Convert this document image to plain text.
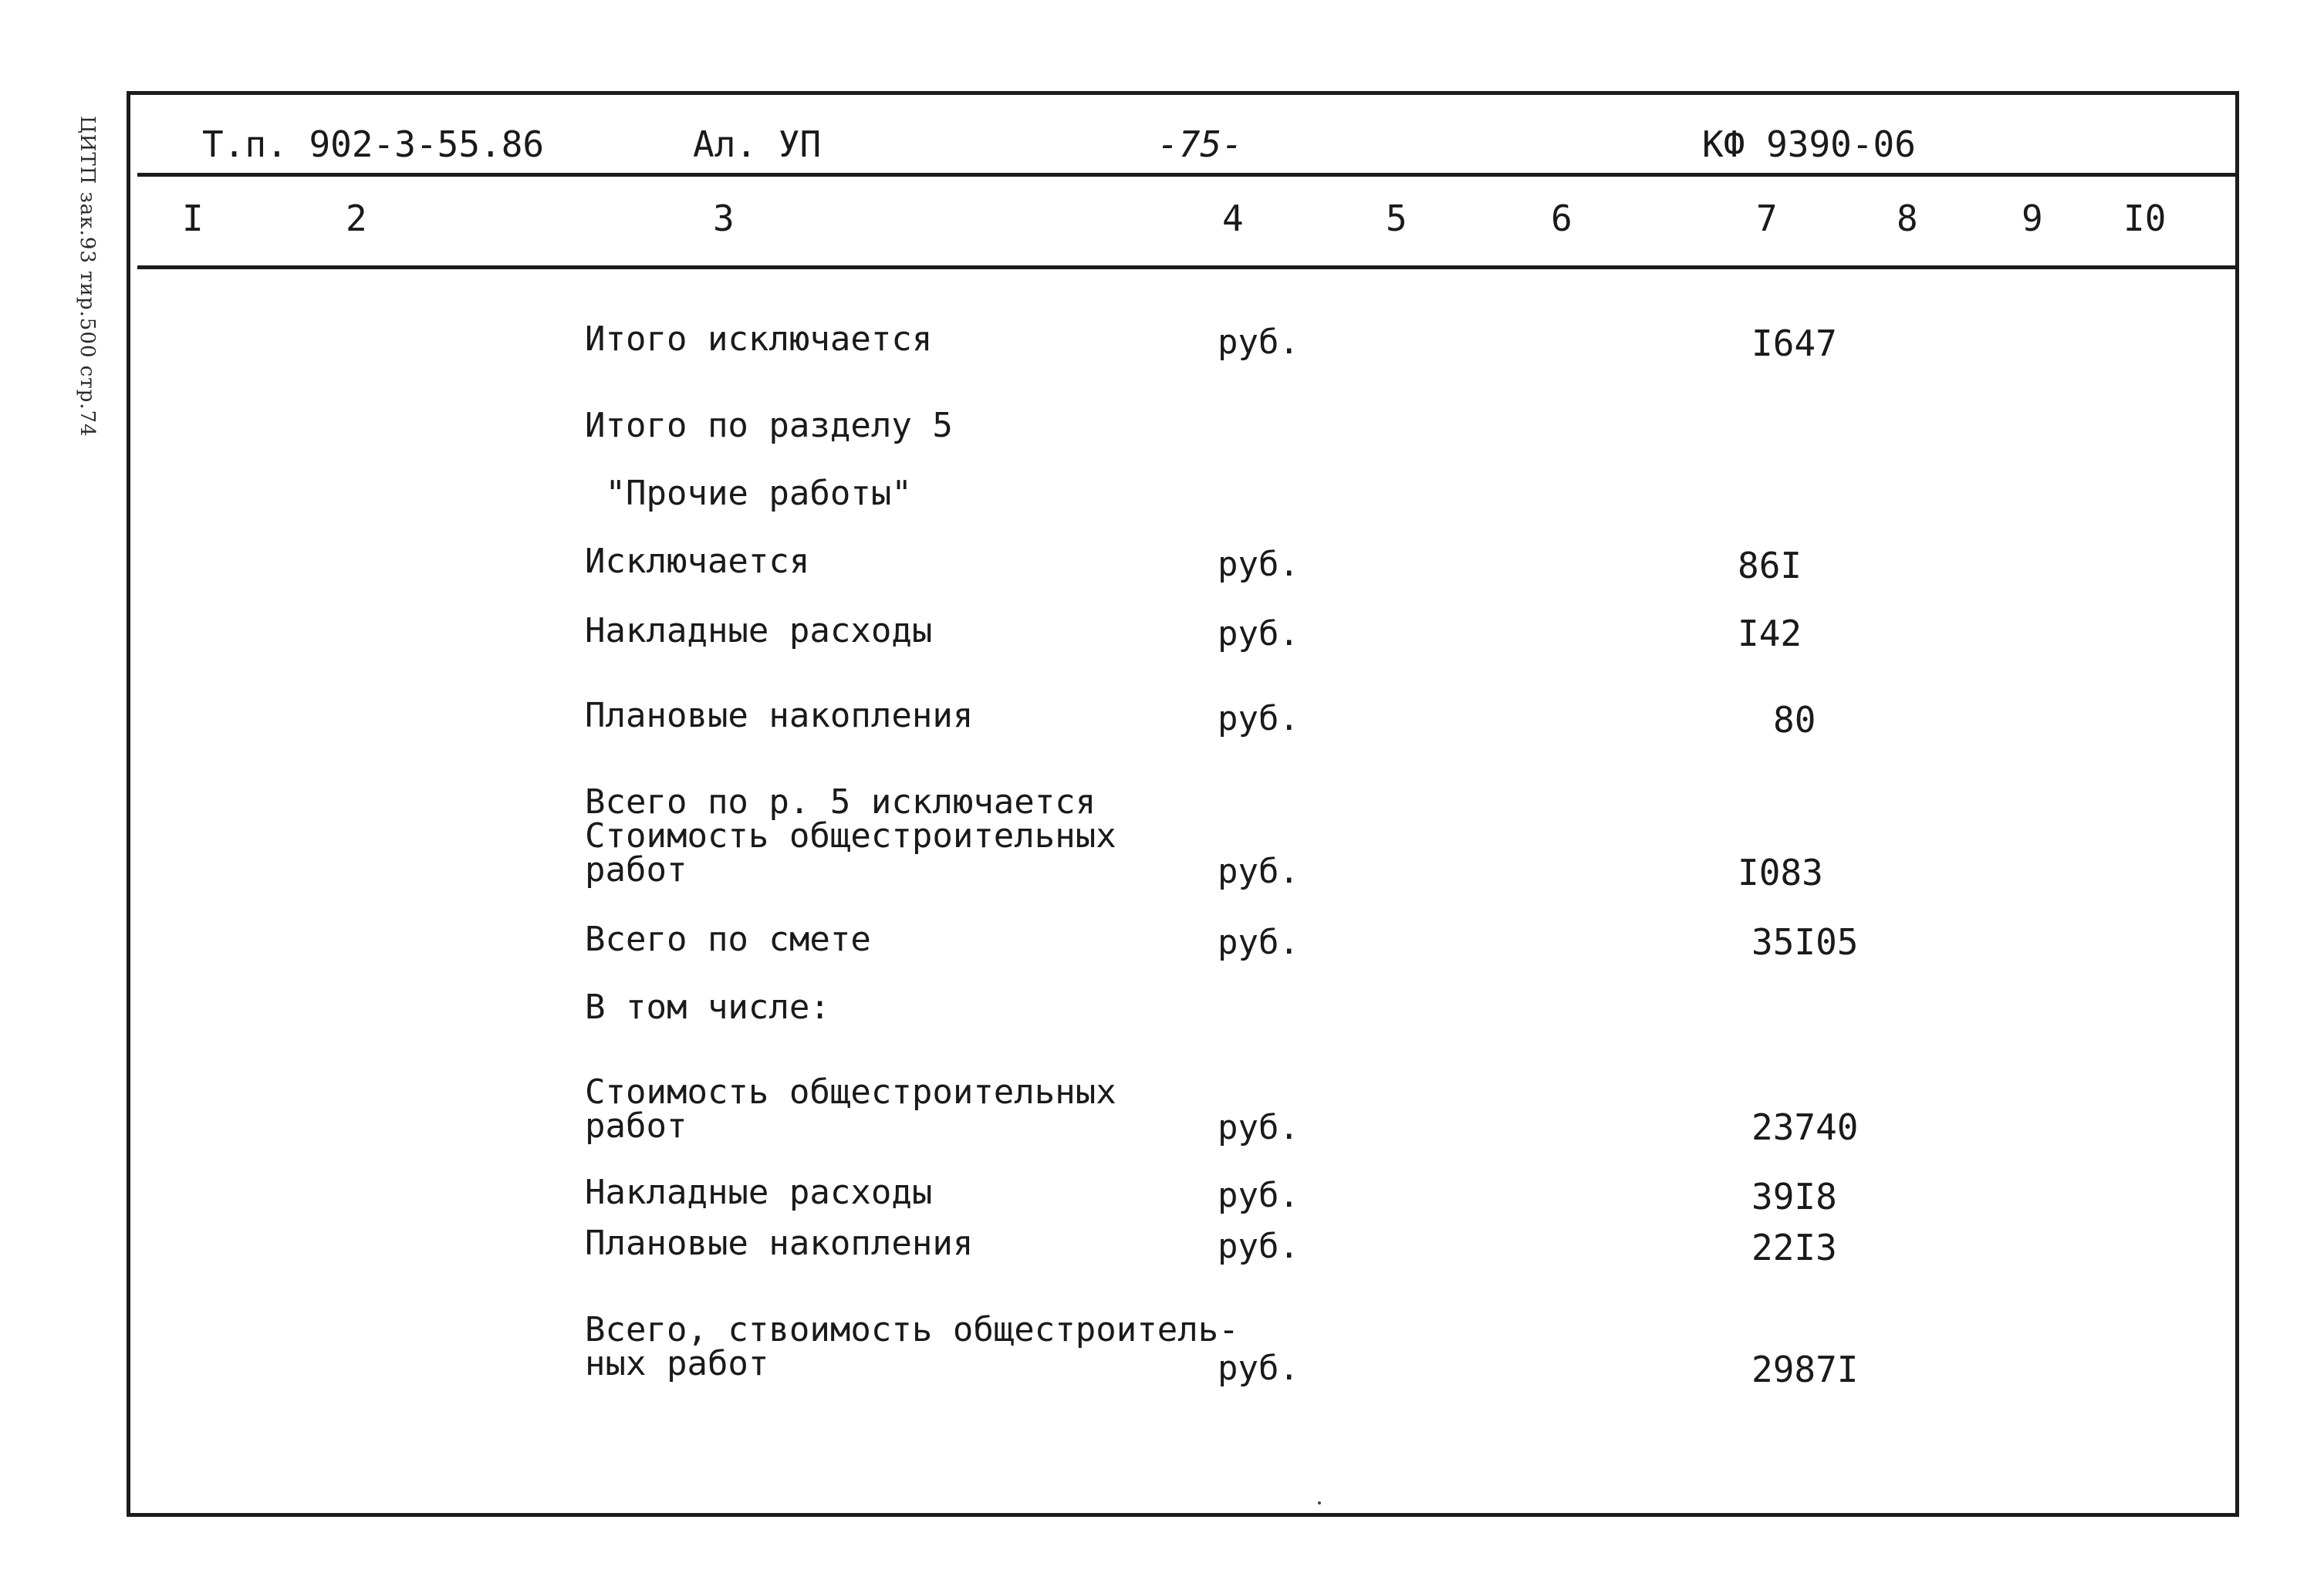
ЦИТП зак.93 тир.500 стр.74	Т.п. 902-3-55.86	Ал. УП	-75-	КФ 9390-06
I	2	3	4	5	6	7	8	9 I0
Итого исключается	руб.	I647
Итого по разделу 5
"Прочие работы"
Исключается	руб.	86I
Накладные расходы	руб.	I42
Плановые накопления	руб.	80
Всего по р. 5 исключается
Стоимость общестроительных
работ	руб.	I083
Всего по смете	руб.	35I05
В том числе:
Стоимость общестроительных
работ	руб.	23740
Накладные расходы	руб.	39I8
Плановые накопления	руб.	22I3
Всего, ствоимость общестроитель-
ных работ	руб.	2987I
